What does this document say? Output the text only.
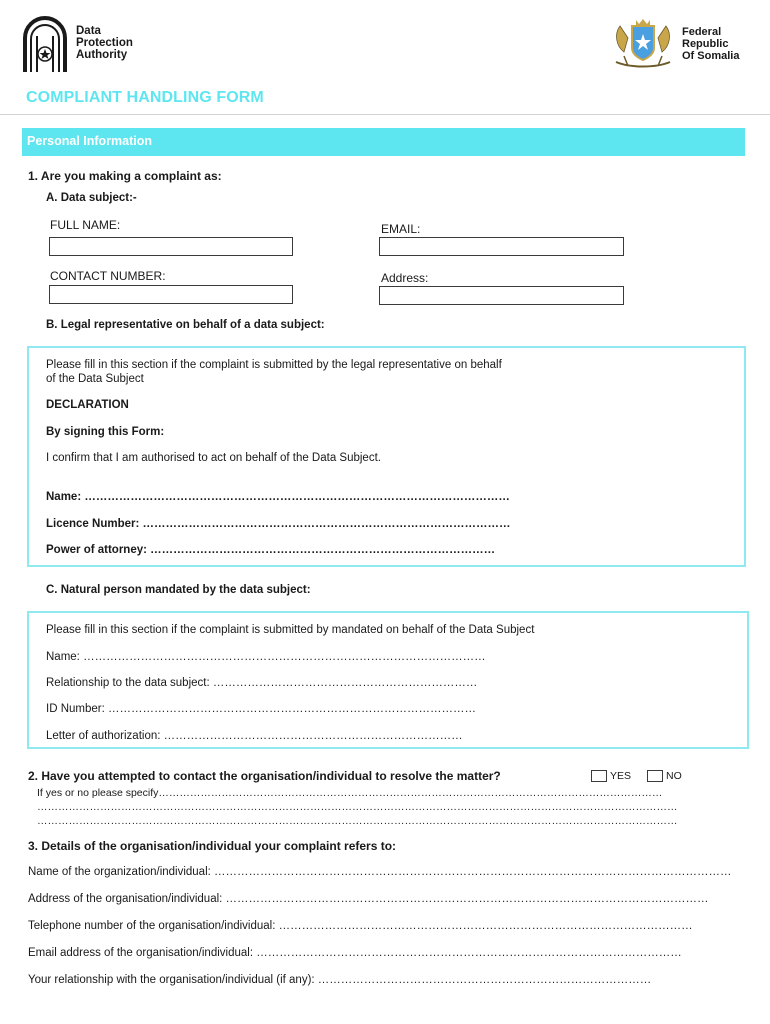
Data
Protection
Authority
Federal
Republic
Of Somalia
COMPLIANT HANDLING FORM
Personal Information
1. Are you making a complaint as:
A. Data subject:-
FULL NAME:	EMAIL:
CONTACT NUMBER:	Address:
B. Legal representative on behalf of a data subject:
Please fill in this section if the complaint is submitted by the legal representative on behalf
of the Data Subject
DECLARATION
By signing this Form:
I confirm that I am authorised to act on behalf of the Data Subject.
Name: …………………………………………………………………………………………………
Licence Number: ……………………………………………………………………………………
Power of attorney: ………………………………………………………………………………
C. Natural person mandated by the data subject:
Please fill in this section if the complaint is submitted by mandated on behalf of the Data Subject
Name: ……………………………………………………………………………………………
Relationship to the data subject: ……………………………………………………………
ID Number: ……………………………………………………………………………………
Letter of authorization: ……………………………………………………………………
2. Have you attempted to contact the organisation/individual to resolve the matter?	YES	NO
If yes or no please specify………………………………………………………………………………………………………………………………
…………………………………………………………………………………………………………………………………………………………………
…………………………………………………………………………………………………………………………………………………………………
3. Details of the organisation/individual your complaint refers to:
Name of the organization/individual: ………………………………………………………………………………………………………………………
Address of the organisation/individual: ………………………………………………………………………………………………………………
Telephone number of the organisation/individual: ………………………………………………………………………………………………
Email address of the organisation/individual: …………………………………………………………………………………………………
Your relationship with the organisation/individual (if any): ……………………………………………………………………………
